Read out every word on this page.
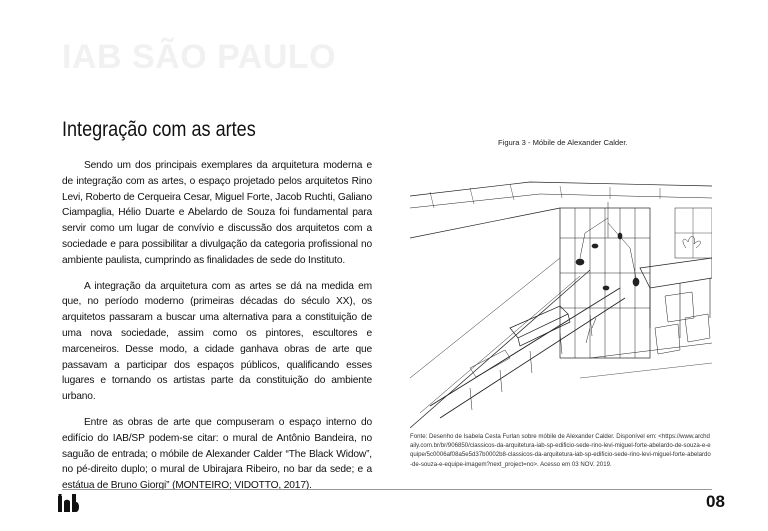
IAB SÃO PAULO
Integração com as artes

Sendo um dos principais exemplares da arquitetura moderna e de integração com as artes, o espaço projetado pelos arquitetos Rino Levi, Roberto de Cerqueira Cesar, Miguel Forte, Jacob Ruchti, Galiano Ciampaglia, Hélio Duarte e Abelardo de Souza foi fundamental para servir como um lugar de convívio e discussão dos arquitetos com a sociedade e para possibilitar a divulgação da categoria profissional no ambiente paulista, cumprindo as finalidades de sede do Instituto.

A integração da arquitetura com as artes se dá na medida em que, no período moderno (primeiras décadas do século XX), os arquitetos passaram a buscar uma alternativa para a constituição de uma nova sociedade, assim como os pintores, escultores e marceneiros. Desse modo, a cidade ganhava obras de arte que passavam a participar dos espaços públicos, qualificando esses lugares e tornando os artistas parte da constituição do ambiente urbano.

Entre as obras de arte que compuseram o espaço interno do edifício do IAB/SP podem-se citar: o mural de Antônio Bandeira, no saguão de entrada; o móbile de Alexander Calder “The Black Widow”, no pé-direito duplo; o mural de Ubirajara Ribeiro, no bar da sede; e a estátua de Bruno Giorgi” (MONTEIRO; VIDOTTO, 2017).

Figura 3 - Móbile de Alexander Calder.

Fonte: Desenho de Isabela Cesta Furlan sobre móbile de Alexander Calder. Disponível em: <https://www.archdaily.com.br/br/906850/classicos-da-arquitetura-iab-sp-edificio-sede-rino-levi-miguel-forte-abelardo-de-souza-e-equipe/5c0006af08a5e5d37b0002b8-classicos-da-arquitetura-iab-sp-edificio-sede-rino-levi-miguel-forte-abelardo-de-souza-e-equipe-imagem?next_project=no>. Acesso em 03 NOV. 2019.

08
